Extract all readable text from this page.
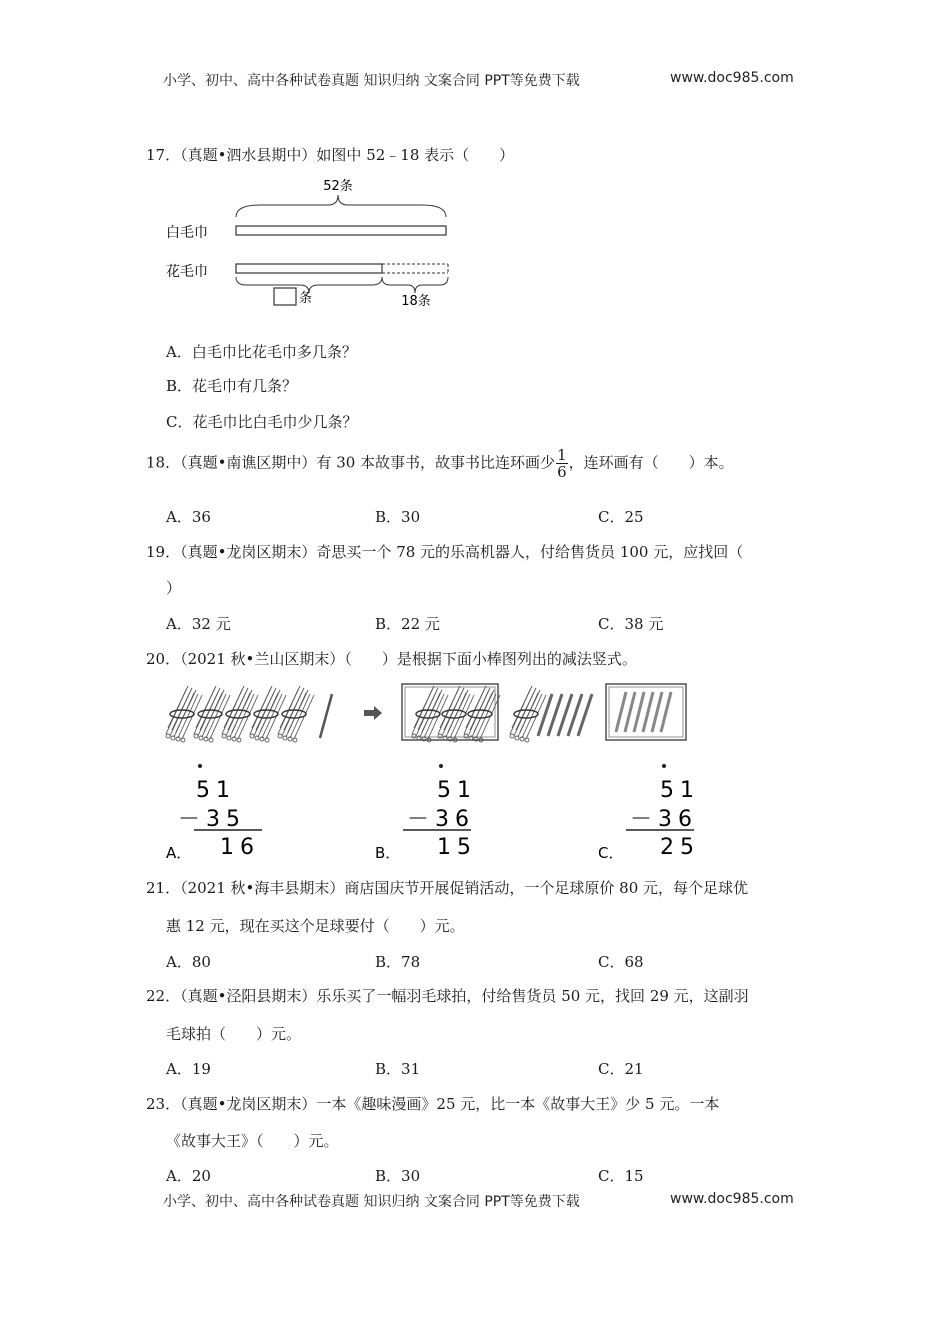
小学、初中、高中各种试卷真题 知识归纳 文案合同 PPT等免费下载	www.doc985.com
17．（真题•泗水县期中）如图中 52﹣18 表示（　　）
52条
白毛巾
花毛巾
条	18条
A．白毛巾比花毛巾多几条？
B．花毛巾有几条？
C．花毛巾比白毛巾少几条？
18．（真题•南谯区期中）有 30 本故事书，故事书比连环画少 $\frac{1}{6}$ ，连环画有（　　）本。
A．36	B．30	C．25
19．（真题•龙岗区期末）奇思买一个 78 元的乐高机器人，付给售货员 100 元，应找回（
）
A．32 元	B．22 元	C．38 元
20．（2021 秋•兰山区期末）（　　）是根据下面小棒图列出的减法竖式。
A．
51
－35
16	B．
51
－36
15	C．
51
－36
25
21．（2021 秋•海丰县期末）商店国庆节开展促销活动，一个足球原价 80 元，每个足球优
惠 12 元，现在买这个足球要付（　　）元。
A．80	B．78	C．68
22．（真题•泾阳县期末）乐乐买了一幅羽毛球拍，付给售货员 50 元，找回 29 元，这副羽
毛球拍（　　）元。
A．19	B．31	C．21
23．（真题•龙岗区期末）一本《趣味漫画》25 元，比一本《故事大王》少 5 元。一本
《故事大王》（　　）元。
A．20	B．30	C．15
小学、初中、高中各种试卷真题 知识归纳 文案合同 PPT等免费下载	www.doc985.com
